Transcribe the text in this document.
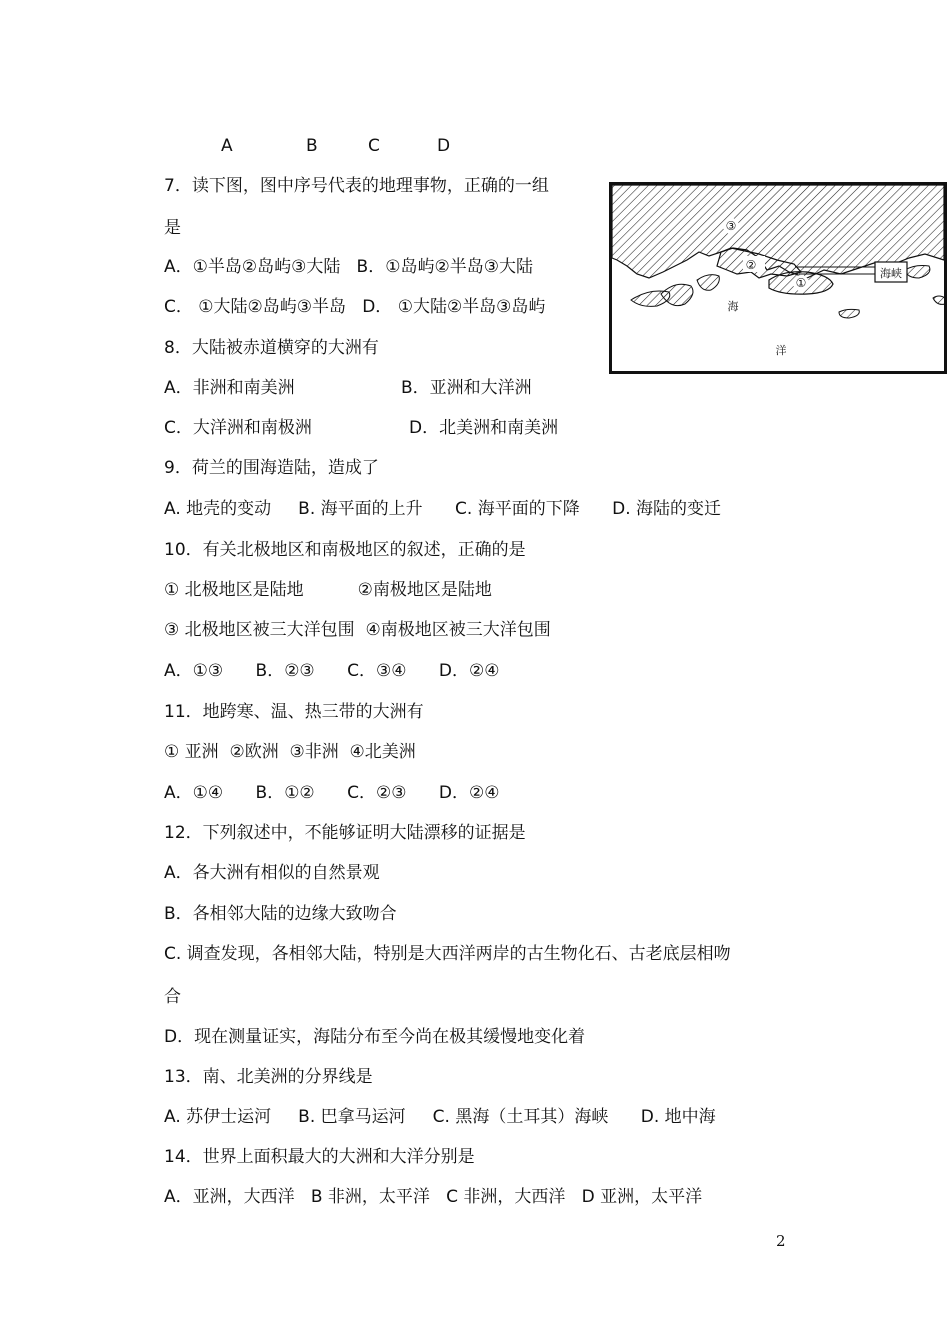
A	B	C	D
7．读下图，图中序号代表的地理事物，正确的一组
是
A．①半岛②岛屿③大陆   B．①岛屿②半岛③大陆
C． ①大陆②岛屿③半岛   D． ①大陆②半岛③岛屿
8．大陆被赤道横穿的大洲有
A．非洲和南美洲	B．亚洲和大洋洲
C．大洋洲和南极洲	D．北美洲和南美洲
9．荷兰的围海造陆，造成了
A. 地壳的变动     B. 海平面的上升      C. 海平面的下降      D. 海陆的变迁
10．有关北极地区和南极地区的叙述，正确的是
① 北极地区是陆地          ②南极地区是陆地
③ 北极地区被三大洋包围  ④南极地区被三大洋包围
A．①③      B．②③      C．③④      D．②④
11．地跨寒、温、热三带的大洲有
① 亚洲  ②欧洲  ③非洲  ④北美洲
A．①④      B．①②      C．②③      D．②④
12．下列叙述中，不能够证明大陆漂移的证据是
A．各大洲有相似的自然景观
B．各相邻大陆的边缘大致吻合
C. 调查发现，各相邻大陆，特别是大西洋两岸的古生物化石、古老底层相吻
合
D．现在测量证实，海陆分布至今尚在极其缓慢地变化着
13．南、北美洲的分界线是
A. 苏伊士运河     B. 巴拿马运河     C. 黑海（土耳其）海峡      D. 地中海
14．世界上面积最大的大洲和大洋分别是
A．亚洲，大西洋   B 非洲，太平洋   C 非洲，大西洋   D 亚洲，太平洋
海峡
③
②
①
海
洋
2
